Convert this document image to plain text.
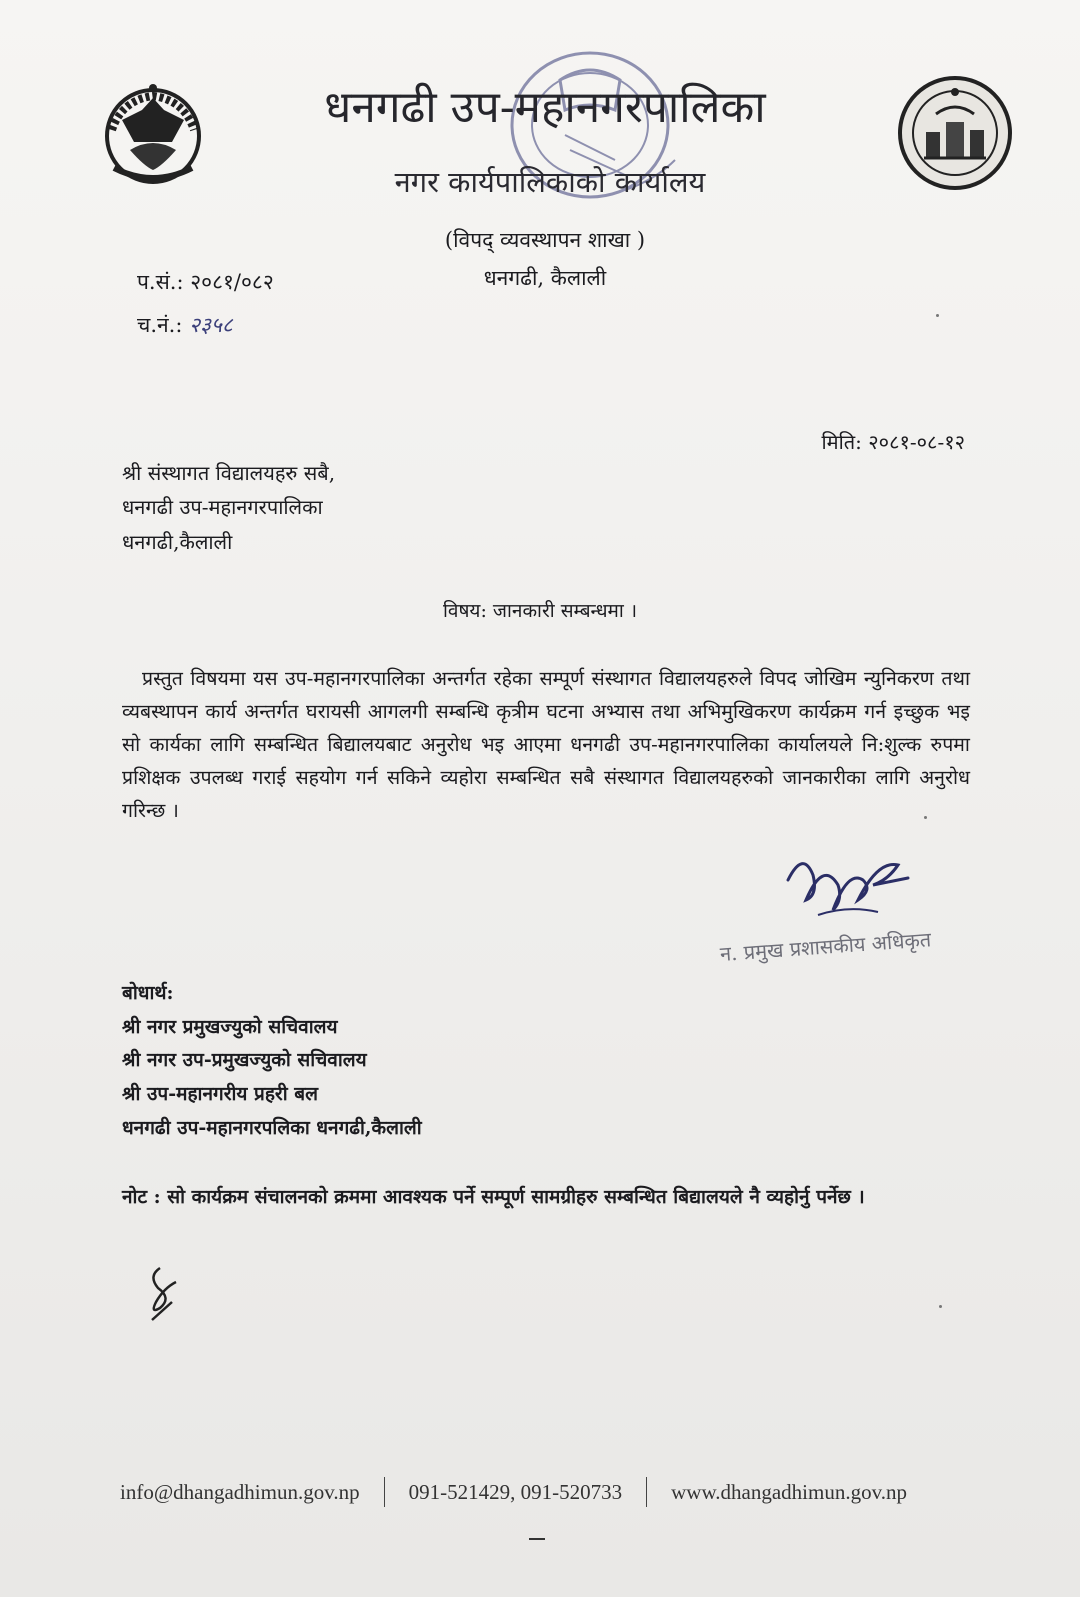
धनगढी उप-महानगरपालिका
नगर कार्यपालिकाको कार्यालय
(विपद् व्यवस्थापन शाखा )
धनगढी, कैलाली
प.सं.: २०८१/०८२
च.नं.: २३५८
मिति: २०८१-०८-१२
श्री संस्थागत विद्यालयहरु सबै,
धनगढी उप-महानगरपालिका
धनगढी,कैलाली
विषय: जानकारी सम्बन्धमा ।
प्रस्तुत विषयमा यस उप-महानगरपालिका अन्तर्गत रहेका सम्पूर्ण संस्थागत विद्यालयहरुले विपद जोखिम न्युनिकरण तथा व्यबस्थापन कार्य अन्तर्गत घरायसी आगलगी सम्बन्धि कृत्रीम घटना अभ्यास तथा अभिमुखिकरण कार्यक्रम गर्न इच्छुक भइ सो कार्यका लागि सम्बन्धित बिद्यालयबाट अनुरोध भइ आएमा धनगढी उप-महानगरपालिका कार्यालयले नि:शुल्क रुपमा प्रशिक्षक उपलब्ध गराई सहयोग गर्न सकिने व्यहोरा सम्बन्धित सबै संस्थागत विद्यालयहरुको जानकारीका लागि अनुरोध गरिन्छ ।
न. प्रमुख प्रशासकीय अधिकृत
बोधार्थ:
श्री नगर प्रमुखज्युको सचिवालय
श्री नगर उप-प्रमुखज्युको सचिवालय
श्री उप-महानगरीय प्रहरी बल
धनगढी उप-महानगरपलिका धनगढी,कैलाली
नोट : सो कार्यक्रम संचालनको क्रममा आवश्यक पर्ने सम्पूर्ण सामग्रीहरु सम्बन्धित बिद्यालयले नै व्यहोर्नु पर्नेछ ।
info@dhangadhimun.gov.np 091-521429, 091-520733 www.dhangadhimun.gov.np
